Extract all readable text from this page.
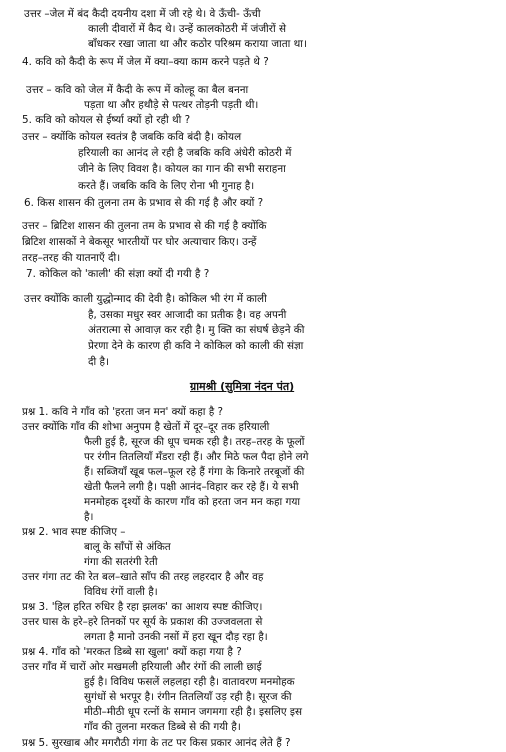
उत्तर –जेल में बंद कैदी दयनीय दशा में जी रहे थे। वे ऊँची- ऊँची
काली दीवारों में कैद थे। उन्हें कालकोठरी में जंजीरों से
बाँधकर रखा जाता था और कठोर परिश्रम कराया जाता था।
4. कवि को कैदी के रूप में जेल में क्या–क्या काम करने पड़ते थे ?
उत्तर – कवि को जेल में कैदी के रूप में कोल्हू का बैल बनना
पड़ता था और हथौड़े से पत्थर तोड़नी पड़ती थी।
5. कवि को कोयल से ईर्ष्या क्यों हो रही थी ?
उत्तर – क्योंकि कोयल स्वतंत्र है जबकि कवि बंदी है। कोयल
हरियाली का आनंद ले रही है जबकि कवि अंधेरी कोठरी में
जीने के लिए विवश है। कोयल का गान की सभी सराहना
करते हैं। जबकि कवि के लिए रोना भी गुनाह है।
6. किस शासन की तुलना तम के प्रभाव से की गई है और क्यों ?
उत्तर – ब्रिटिश शासन की तुलना तम के प्रभाव से की गई है क्योंकि
ब्रिटिश शासकों ने बेकसूर भारतीयों पर घोर अत्याचार किए। उन्हें
तरह–तरह की यातनाएँ दी।
7. कोकिल को 'काली' की संज्ञा क्यों दी गयी है ?
उत्तर क्योंकि काली युद्धोन्माद की देवी है। कोकिल भी रंग में काली
है, उसका मधुर स्वर आजादी का प्रतीक है। वह अपनी
अंतरात्मा से आवाज़ कर रही है। मु क्ति का संघर्ष छेड़ने की
प्रेरणा देने के कारण ही कवि ने कोकिल को काली की संज्ञा
दी है।
ग्रामश्री (सुमित्रा नंदन पंत)
प्रश्न 1. कवि ने गाँव को 'हरता जन मन' क्यों कहा है ?
उत्तर क्योंकि गाँव की शोभा अनुपम है खेतों में दूर–दूर तक हरियाली
फैली हुई है, सूरज की धूप चमक रही है। तरह–तरह के फूलों
पर रंगीन तितलियाँ मँडरा रही हैं। और मिठे फल पैदा होने लगे
हैं। सब्जियाँ खूब फल–फूल रहे हैं गंगा के किनारे तरबूजों की
खेती फैलने लगी है। पक्षी आनंद–विहार कर रहे हैं। ये सभी
मनमोहक दृश्यों के कारण गाँव को हरता जन मन कहा गया
है।
प्रश्न 2. भाव स्पष्ट कीजिए –
बालू के साँपों से अंकित
गंगा की सतरंगी रेती
उत्तर गंगा तट की रेत बल–खाते साँप की तरह लहरदार है और वह
विविध रंगों वाली है।
प्रश्न 3. 'हिल हरित रुधिर है रहा झलक' का आशय स्पष्ट कीजिए।
उत्तर घास के हरे–हरे तिनकों पर सूर्य के प्रकाश की उज्जवलता से
लगता है मानो उनकी नसों में हरा खून दौड़ रहा है।
प्रश्न 4. गाँव को 'मरकत डिब्बे सा खुला' क्यों कहा गया है ?
उत्तर गाँव में चारों ओर मखमली हरियाली और रंगों की लाली छाई
हुई है। विविध फसलें लहलहा रही है। वातावरण मनमोहक
सुगंधों से भरपूर है। रंगीन तितलियाँ उड़ रही है। सूरज की
मीठी–मीठी धूप रत्नों के समान जगमगा रही है। इसलिए इस
गाँव की तुलना मरकत डिब्बे से की गयी है।
प्रश्न 5. सुरखाब और मगरौठी गंगा के तट पर किस प्रकार आनंद लेते हैं ?
